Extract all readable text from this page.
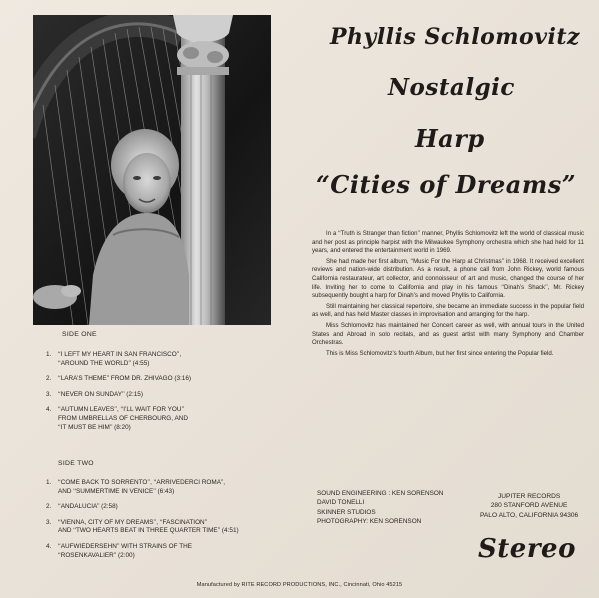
Phyllis Schlomovitz
Nostalgic
Harp
“Cities of Dreams”

In a ‘‘Truth is Stranger than fiction’’ manner, Phyllis Schlomovitz left the world of classical music and her post as principle harpist with the Milwaukee Symphony orchestra which she had held for 11 years, and entered the entertainment world in 1969.

She had made her first album, ‘‘Music For the Harp at Christmas’’ in 1968. It received excellent reviews and nation-wide distribution. As a result, a phone call from John Rickey, world famous California restaurateur, art collector, and connoisseur of art and music, changed the course of her life. Inviting her to come to California and play in his famous ‘‘Dinah’s Shack’’, Mr. Rickey subsequently bought a harp for Dinah’s and moved Phyllis to California.

Still maintaining her classical repertoire, she became an immediate success in the popular field as well, and has held Master classes in improvisation and arranging for the harp.

Miss Schlomovitz has maintained her Concert career as well, with annual tours in the United States and Abroad in solo recitals, and as guest artist with many Symphony and Chamber Orchestras.

This is Miss Schlomovitz’s fourth Album, but her first since entering the Popular field.

SIDE ONE
1. ‘‘I LEFT MY HEART IN SAN FRANCISCO’’,
‘‘AROUND THE WORLD’’ (4:55)
2. ‘‘LARA’S THEME’’ FROM DR. ZHIVAGO (3:16)
3. ‘‘NEVER ON SUNDAY’’ (2:15)
4. ‘‘AUTUMN LEAVES’’, ‘‘I’LL WAIT FOR YOU’’
FROM UMBRELLAS OF CHERBOURG, AND
‘‘IT MUST BE HIM’’ (8:20)
SIDE TWO
1. ‘‘COME BACK TO SORRENTO’’, ‘‘ARRIVEDERCI ROMA’’,
AND ‘‘SUMMERTIME IN VENICE’’ (6:43)
2. ‘‘ANDALUCIA’’ (2:58)
3. ‘‘VIENNA, CITY OF MY DREAMS’’, ‘‘FASCINATION’’
AND ‘‘TWO HEARTS BEAT IN THREE QUARTER TIME’’ (4:51)
4. ‘‘AUFWIEDERSEHN’’ WITH STRAINS OF THE
‘‘ROSENKAVALIER’’ (2:00)
SOUND ENGINEERING : KEN SORENSON
DAVID TONELLI
SKINNER STUDIOS
PHOTOGRAPHY: KEN SORENSON
JUPITER RECORDS
280 STANFORD AVENUE
PALO ALTO, CALIFORNIA 94306
Stereo
Manufactured by RITE RECORD PRODUCTIONS, INC., Cincinnati, Ohio 45215
